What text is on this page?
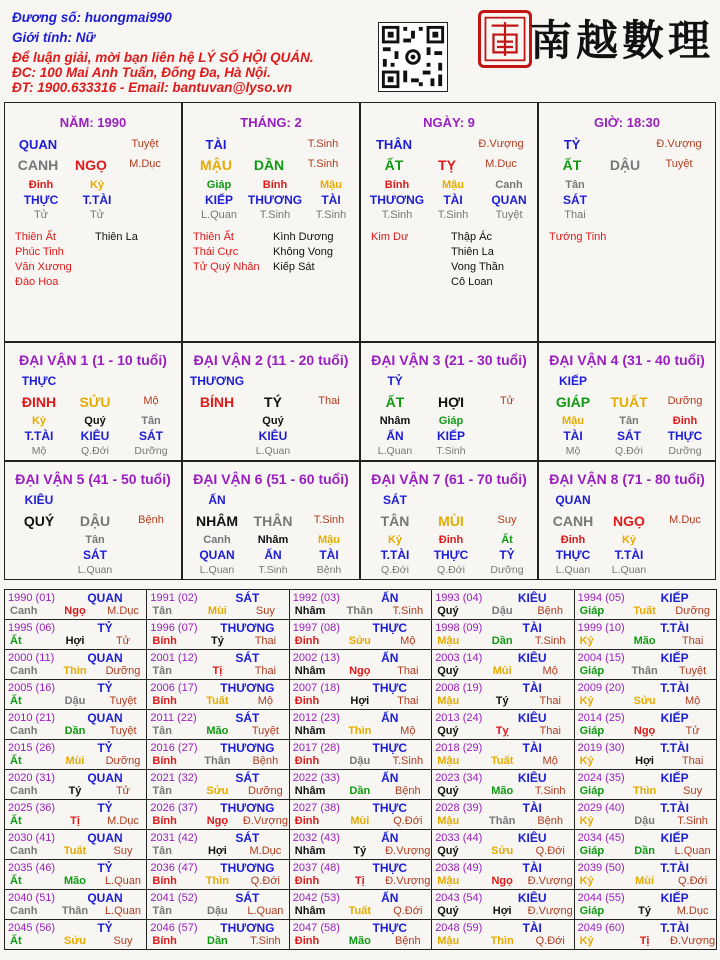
Đương số: huongmai990
Giới tính: Nữ
Để luận giải, mời bạn liên hệ LÝ SỐ HỘI QUÁN.
ĐC: 100 Mai Anh Tuấn, Đống Đa, Hà Nội.
ĐT: 1900.633316 - Email: bantuvan@lyso.vn
南越數理
NĂM: 1990
QUAN	Tuyệt
CANH	NGỌ	M.Dục
Đinh
THỰC
Tử
Kỷ
T.TÀI
Tử
Thiên Ất
Phúc Tinh
Văn Xương
Đào Hoa
Thiên La
THÁNG: 2
TÀI	T.Sinh
MẬU	DẦN	T.Sinh
Giáp
KIẾP
L.Quan
Bính
THƯƠNG
T.Sinh
Mậu
TÀI
T.Sinh
Thiên Ất
Thái Cực
Tử Quý Nhân
Kình Dương
Không Vong
Kiếp Sát
NGÀY: 9
THÂN	Đ.Vượng
ẤT	TỴ	M.Dục
Bính
THƯƠNG
T.Sinh
Mậu
TÀI
T.Sinh
Canh
QUAN
Tuyệt
Kim Dư	Thập Ác
Thiên La
Vong Thần
Cô Loan
GIỜ: 18:30
TỶ	Đ.Vượng
ẤT	DẬU	Tuyệt
Tân
SÁT
Thai
Tướng Tinh
ĐẠI VẬN 1 (1 - 10 tuổi)
THỰC
ĐINH	SỬU	Mộ
Kỷ
T.TÀI
Mộ
Quý
KIÊU
Q.Đới
Tân
SÁT
Dưỡng
ĐẠI VẬN 2 (11 - 20 tuổi)
THƯƠNG
BÍNH	TÝ	Thai
Quý
KIÊU
L.Quan
ĐẠI VẬN 3 (21 - 30 tuổi)
TỶ
ẤT	HỢI	Tử
Nhâm
ẤN
L.Quan
Giáp
KIẾP
T.Sinh
ĐẠI VẬN 4 (31 - 40 tuổi)
KIẾP
GIÁP	TUẤT	Dưỡng
Mậu
TÀI
Mộ
Tân
SÁT
Q.Đới
Đinh
THỰC
Dưỡng
ĐẠI VẬN 5 (41 - 50 tuổi)
KIÊU
QUÝ	DẬU	Bệnh
Tân
SÁT
L.Quan
ĐẠI VẬN 6 (51 - 60 tuổi)
ẤN
NHÂM	THÂN	T.Sinh
Canh
QUAN
L.Quan
Nhâm
ẤN
T.Sinh
Mậu
TÀI
Bệnh
ĐẠI VẬN 7 (61 - 70 tuổi)
SÁT
TÂN	MÙI	Suy
Kỷ
T.TÀI
Q.Đới
Đinh
THỰC
Q.Đới
Ất
TỶ
Dưỡng
ĐẠI VẬN 8 (71 - 80 tuổi)
QUAN
CANH	NGỌ	M.Dục
Đinh
THỰC
L.Quan
Kỷ
T.TÀI
L.Quan
1990 (01)	QUAN
Canh	Ngọ	M.Dục
1991 (02)	SÁT
Tân	Mùi	Suy
1992 (03)	ẤN
Nhâm	Thân	T.Sinh
1993 (04)	KIÊU
Quý	Dậu	Bệnh
1994 (05)	KIẾP
Giáp	Tuất	Dưỡng
1995 (06)	TỶ
Ất	Hợi	Tử
1996 (07)	THƯƠNG
Bính	Tý	Thai
1997 (08)	THỰC
Đinh	Sửu	Mộ
1998 (09)	TÀI
Mậu	Dần	T.Sinh
1999 (10)	T.TÀI
Kỷ	Mão	Thai
2000 (11)	QUAN
Canh	Thìn	Dưỡng
2001 (12)	SÁT
Tân	Tị	Thai
2002 (13)	ẤN
Nhâm	Ngọ	Thai
2003 (14)	KIÊU
Quý	Mùi	Mộ
2004 (15)	KIẾP
Giáp	Thân	Tuyệt
2005 (16)	TỶ
Ất	Dậu	Tuyệt
2006 (17)	THƯƠNG
Bính	Tuất	Mộ
2007 (18)	THỰC
Đinh	Hợi	Thai
2008 (19)	TÀI
Mậu	Tý	Thai
2009 (20)	T.TÀI
Kỷ	Sửu	Mộ
2010 (21)	QUAN
Canh	Dần	Tuyệt
2011 (22)	SÁT
Tân	Mão	Tuyệt
2012 (23)	ẤN
Nhâm	Thìn	Mộ
2013 (24)	KIÊU
Quý	Tỵ	Thai
2014 (25)	KIẾP
Giáp	Ngọ	Tử
2015 (26)	TỶ
Ất	Mùi	Dưỡng
2016 (27)	THƯƠNG
Bính	Thân	Bệnh
2017 (28)	THỰC
Đinh	Dậu	T.Sinh
2018 (29)	TÀI
Mậu	Tuất	Mộ
2019 (30)	T.TÀI
Kỷ	Hợi	Thai
2020 (31)	QUAN
Canh	Tý	Tử
2021 (32)	SÁT
Tân	Sửu	Dưỡng
2022 (33)	ẤN
Nhâm	Dần	Bệnh
2023 (34)	KIÊU
Quý	Mão	T.Sinh
2024 (35)	KIẾP
Giáp	Thìn	Suy
2025 (36)	TỶ
Ất	Tị	M.Dục
2026 (37)	THƯƠNG
Bính	Ngọ	Đ.Vượng
2027 (38)	THỰC
Đinh	Mùi	Q.Đới
2028 (39)	TÀI
Mậu	Thân	Bệnh
2029 (40)	T.TÀI
Kỷ	Dậu	T.Sinh
2030 (41)	QUAN
Canh	Tuất	Suy
2031 (42)	SÁT
Tân	Hợi	M.Dục
2032 (43)	ẤN
Nhâm	Tý	Đ.Vượng
2033 (44)	KIÊU
Quý	Sửu	Q.Đới
2034 (45)	KIẾP
Giáp	Dần	L.Quan
2035 (46)	TỶ
Ất	Mão	L.Quan
2036 (47)	THƯƠNG
Bính	Thìn	Q.Đới
2037 (48)	THỰC
Đinh	Tị	Đ.Vượng
2038 (49)	TÀI
Mậu	Ngọ	Đ.Vượng
2039 (50)	T.TÀI
Kỷ	Mùi	Q.Đới
2040 (51)	QUAN
Canh	Thân	L.Quan
2041 (52)	SÁT
Tân	Dậu	L.Quan
2042 (53)	ẤN
Nhâm	Tuất	Q.Đới
2043 (54)	KIÊU
Quý	Hợi	Đ.Vượng
2044 (55)	KIẾP
Giáp	Tý	M.Dục
2045 (56)	TỶ
Ất	Sửu	Suy
2046 (57)	THƯƠNG
Bính	Dần	T.Sinh
2047 (58)	THỰC
Đinh	Mão	Bệnh
2048 (59)	TÀI
Mậu	Thìn	Q.Đới
2049 (60)	T.TÀI
Kỷ	Tị	Đ.Vượng
